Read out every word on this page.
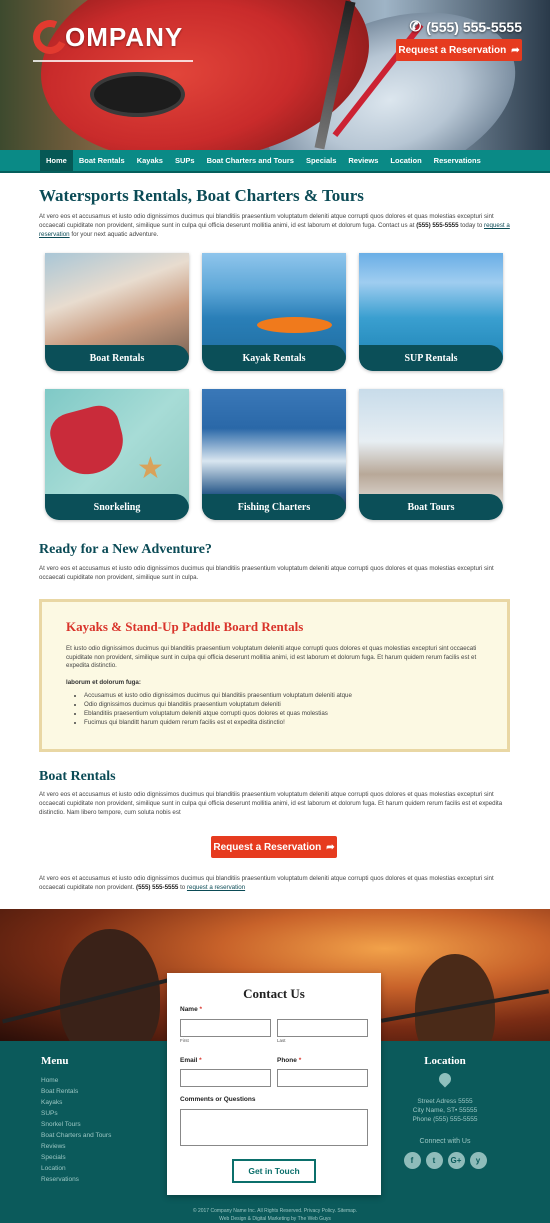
OMPANY	✆ (555) 555-5555
Request a Reservation ➦
Home	Boat Rentals	Kayaks	SUPs	Boat Charters and Tours	Specials	Reviews	Location	Reservations
Watersports Rentals, Boat Charters & Tours

At vero eos et accusamus et iusto odio dignissimos ducimus qui blanditiis praesentium voluptatum deleniti atque corrupti quos dolores et quas molestias excepturi sint occaecati cupiditate non provident, similique sunt in culpa qui officia deserunt mollitia animi, id est laborum et dolorum fuga. Contact us at (555) 555-5555 today to request a reservation for your next aquatic adventure.

Boat Rentals	Kayak Rentals	SUP Rentals
★
Snorkeling	Fishing Charters	Boat Tours
Ready for a New Adventure?

At vero eos et accusamus et iusto odio dignissimos ducimus qui blanditiis praesentium voluptatum deleniti atque corrupti quos dolores et quas molestias excepturi sint occaecati cupiditate non provident, similique sunt in culpa.

Kayaks & Stand-Up Paddle Board Rentals

Et iusto odio dignissimos ducimus qui blanditiis praesentium voluptatum deleniti atque corrupti quos dolores et quas molestias excepturi sint occaecati cupiditate non provident, similique sunt in culpa qui officia deserunt mollitia animi, id est laborum et dolorum fuga. Et harum quidem rerum facilis est et expedita distinctio.

laborum et dolorum fuga:
• Accusamus et iusto odio dignissimos ducimus qui blanditiis praesentium voluptatum deleniti atque
• Odio dignissimos ducimus qui blanditiis praesentium voluptatum deleniti
• Eblanditiis praesentium voluptatum deleniti atque corrupti quos dolores et quas molestias
• Fucimus qui blanditt harum quidem rerum facilis est et expedita distinctio!
Boat Rentals

At vero eos et accusamus et iusto odio dignissimos ducimus qui blanditiis praesentium voluptatum deleniti atque corrupti quos dolores et quas molestias excepturi sint occaecati cupiditate non provident, similique sunt in culpa qui officia deserunt mollitia animi, id est laborum et dolorum fuga. Et harum quidem rerum facilis est et expedita distinctio. Nam libero tempore, cum soluta nobis est

Request a Reservation ➦

At vero eos et accusamus et iusto odio dignissimos ducimus qui blanditiis praesentium voluptatum deleniti atque corrupti quos dolores et quas molestias excepturi sint occaecati cupiditate non provident. (555) 555-5555 to request a reservation

Menu
Home
Boat Rentals
Kayaks
SUPs
Snorkel Tours
Boat Charters and Tours
Reviews
Specials
Location
Reservations
Location
Street Adress 5555
City Name, ST• 55555
Phone (555) 555-5555
Connect with Us
f	t	G+	y
© 2017 Company Name Inc. All Rights Reserved. Privacy Policy. Sitemap.
Web Design & Digital Marketing by The Web Guys
Contact Us
Name *
First	Last
Email *	Phone *
Comments or Questions
Get in Touch
